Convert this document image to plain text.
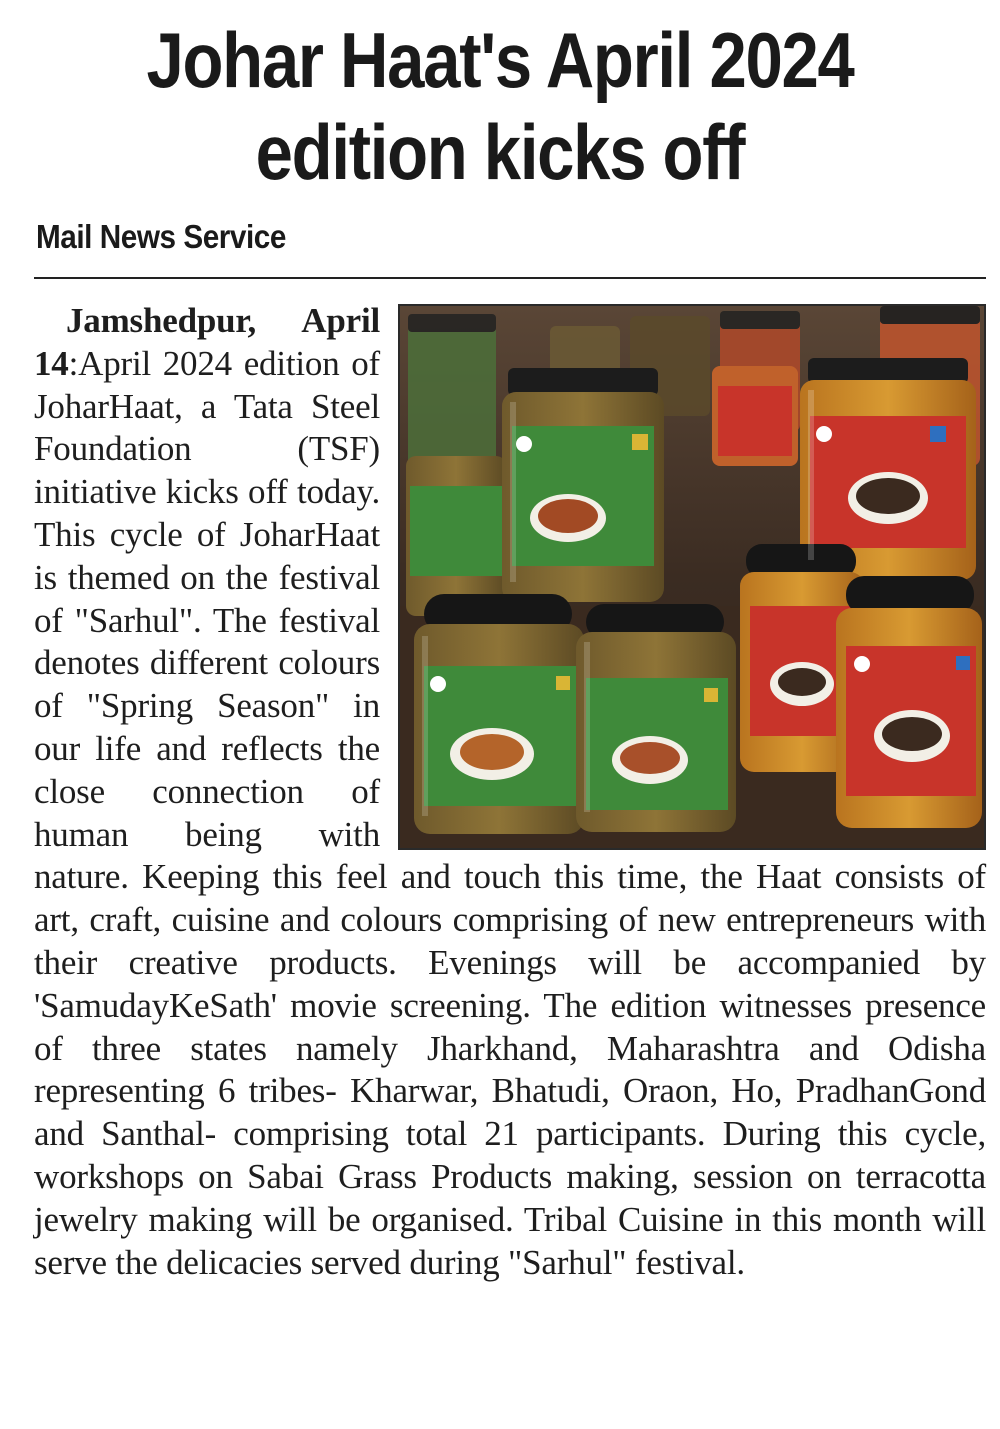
Johar Haat's April 2024
edition kicks off
Mail News Service

Jamshedpur, April 14:April 2024 edition of JoharHaat, a Tata Steel Foundation (TSF) initiative kicks off today. This cycle of JoharHaat is themed on the festival of "Sarhul". The festival denotes different colours of "Spring Season" in our life and reflects the close connection of human being with nature. Keeping this feel and touch this time, the Haat consists of art, craft, cuisine and colours comprising of new entrepreneurs with their creative products. Evenings will be accompanied by 'SamudayKeSath' movie screening. The edition witnesses presence of three states namely Jharkhand, Maharashtra and Odisha representing 6 tribes- Kharwar, Bhatudi, Oraon, Ho, PradhanGond and Santhal- comprising total 21 participants. During this cycle, workshops on Sabai Grass Products making, session on terracotta jewelry making will be organised. Tribal Cuisine in this month will serve the delicacies served during "Sarhul" festival.
